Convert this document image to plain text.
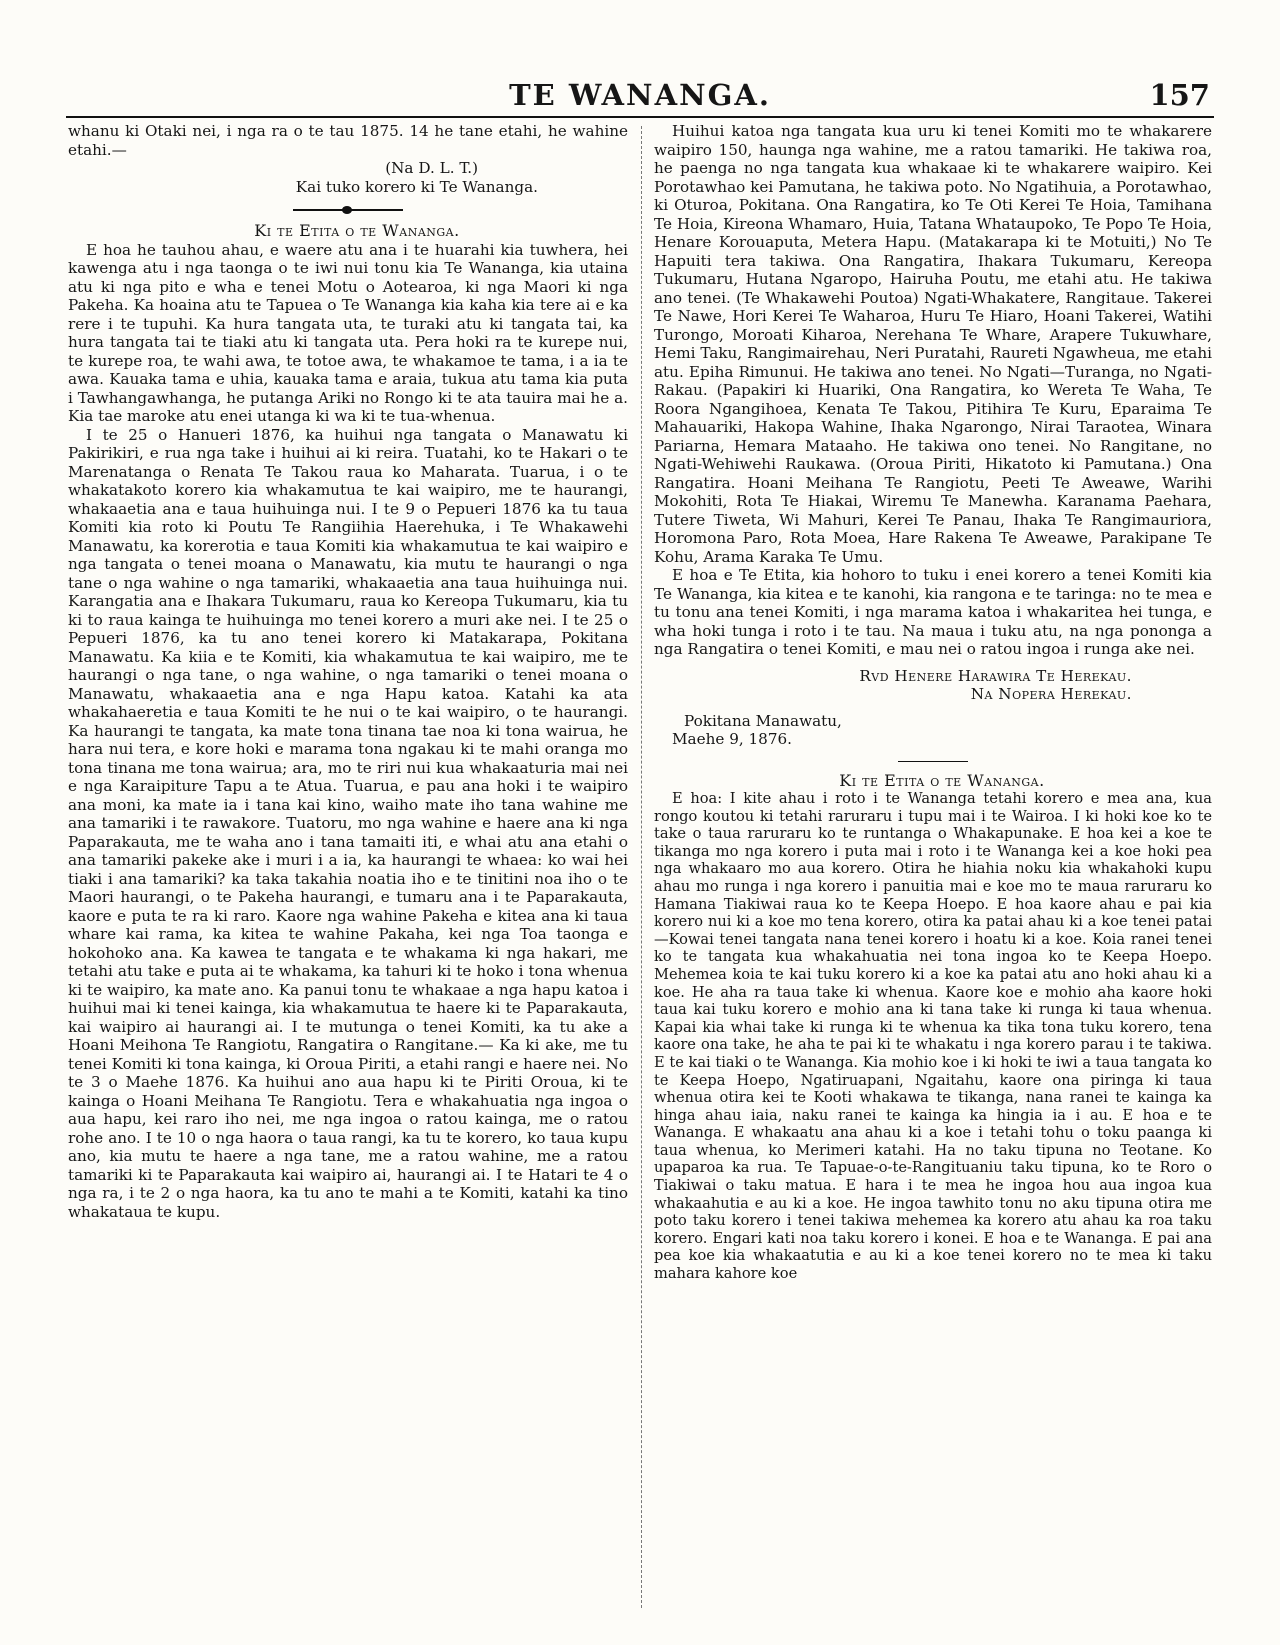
TE WANANGA.	157

whanu ki Otaki nei, i nga ra o te tau 1875. 14 he tane etahi, he wahine etahi.—

(Na D. L. T.)

Kai tuko korero ki Te Wananga.

Ki te Etita o te Wananga.

E hoa he tauhou ahau, e waere atu ana i te huarahi kia tuwhera, hei kawenga atu i nga taonga o te iwi nui tonu kia Te Wananga, kia utaina atu ki nga pito e wha e tenei Motu o Aotearoa, ki nga Maori ki nga Pakeha. Ka hoaina atu te Tapuea o Te Wananga kia kaha kia tere ai e ka rere i te tupuhi. Ka hura tangata uta, te turaki atu ki tangata tai, ka hura tangata tai te tiaki atu ki tangata uta. Pera hoki ra te kurepe nui, te kurepe roa, te wahi awa, te totoe awa, te whakamoe te tama, i a ia te awa. Kauaka tama e uhia, kauaka tama e araia, tukua atu tama kia puta i Tawhangawhanga, he putanga Ariki no Rongo ki te ata tauira mai he a. Kia tae maroke atu enei utanga ki wa ki te tua-whenua.

I te 25 o Hanueri 1876, ka huihui nga tangata o Manawatu ki Pakirikiri, e rua nga take i huihui ai ki reira. Tuatahi, ko te Hakari o te Marenatanga o Renata Te Takou raua ko Maharata. Tuarua, i o te whakatakoto korero kia whakamutua te kai waipiro, me te haurangi, whakaaetia ana e taua huihuinga nui. I te 9 o Pepueri 1876 ka tu taua Komiti kia roto ki Poutu Te Rangiihia Haerehuka, i Te Whakawehi Manawatu, ka korerotia e taua Komiti kia whakamutua te kai waipiro e nga tangata o tenei moana o Manawatu, kia mutu te haurangi o nga tane o nga wahine o nga tamariki, whakaaetia ana taua huihuinga nui. Karangatia ana e Ihakara Tukumaru, raua ko Kereopa Tukumaru, kia tu ki to raua kainga te huihuinga mo tenei korero a muri ake nei. I te 25 o Pepueri 1876, ka tu ano tenei korero ki Matakarapa, Pokitana Manawatu. Ka kiia e te Komiti, kia whakamutua te kai waipiro, me te haurangi o nga tane, o nga wahine, o nga tamariki o tenei moana o Manawatu, whakaaetia ana e nga Hapu katoa. Katahi ka ata whakahaeretia e taua Komiti te he nui o te kai waipiro, o te haurangi. Ka haurangi te tangata, ka mate tona tinana tae noa ki tona wairua, he hara nui tera, e kore hoki e marama tona ngakau ki te mahi oranga mo tona tinana me tona wairua; ara, mo te riri nui kua whakaaturia mai nei e nga Karaipiture Tapu a te Atua. Tuarua, e pau ana hoki i te waipiro ana moni, ka mate ia i tana kai kino, waiho mate iho tana wahine me ana tamariki i te rawakore. Tuatoru, mo nga wahine e haere ana ki nga Paparakauta, me te waha ano i tana tamaiti iti, e whai atu ana etahi o ana tamariki pakeke ake i muri i a ia, ka haurangi te whaea: ko wai hei tiaki i ana tamariki? ka taka takahia noatia iho e te tinitini noa iho o te Maori haurangi, o te Pakeha haurangi, e tumaru ana i te Paparakauta, kaore e puta te ra ki raro. Kaore nga wahine Pakeha e kitea ana ki taua whare kai rama, ka kitea te wahine Pakaha, kei nga Toa taonga e hokohoko ana. Ka kawea te tangata e te whakama ki nga hakari, me tetahi atu take e puta ai te whakama, ka tahuri ki te hoko i tona whenua ki te waipiro, ka mate ano. Ka panui tonu te whakaae a nga hapu katoa i huihui mai ki tenei kainga, kia whakamutua te haere ki te Paparakauta, kai waipiro ai haurangi ai. I te mutunga o tenei Komiti, ka tu ake a Hoani Meihona Te Rangiotu, Rangatira o Rangitane.— Ka ki ake, me tu tenei Komiti ki tona kainga, ki Oroua Piriti, a etahi rangi e haere nei. No te 3 o Maehe 1876. Ka huihui ano aua hapu ki te Piriti Oroua, ki te kainga o Hoani Meihana Te Rangiotu. Tera e whakahuatia nga ingoa o aua hapu, kei raro iho nei, me nga ingoa o ratou kainga, me o ratou rohe ano. I te 10 o nga haora o taua rangi, ka tu te korero, ko taua kupu ano, kia mutu te haere a nga tane, me a ratou wahine, me a ratou tamariki ki te Paparakauta kai waipiro ai, haurangi ai. I te Hatari te 4 o nga ra, i te 2 o nga haora, ka tu ano te mahi a te Komiti, katahi ka tino whakataua te kupu.

Huihui katoa nga tangata kua uru ki tenei Komiti mo te whakarere waipiro 150, haunga nga wahine, me a ratou tamariki. He takiwa roa, he paenga no nga tangata kua whakaae ki te whakarere waipiro. Kei Porotawhao kei Pamutana, he takiwa poto. No Ngatihuia, a Porotawhao, ki Oturoa, Pokitana. Ona Rangatira, ko Te Oti Kerei Te Hoia, Tamihana Te Hoia, Kireona Whamaro, Huia, Tatana Whataupoko, Te Popo Te Hoia, Henare Korouaputa, Metera Hapu. (Matakarapa ki te Motuiti,) No Te Hapuiti tera takiwa. Ona Rangatira, Ihakara Tukumaru, Kereopa Tukumaru, Hutana Ngaropo, Hairuha Poutu, me etahi atu. He takiwa ano tenei. (Te Whakawehi Poutoa) Ngati-Whakatere, Rangitaue. Takerei Te Nawe, Hori Kerei Te Waharoa, Huru Te Hiaro, Hoani Takerei, Watihi Turongo, Moroati Kiharoa, Nerehana Te Whare, Arapere Tukuwhare, Hemi Taku, Rangimairehau, Neri Puratahi, Raureti Ngawheua, me etahi atu. Epiha Rimunui. He takiwa ano tenei. No Ngati—Turanga, no Ngati-Rakau. (Papakiri ki Huariki, Ona Rangatira, ko Wereta Te Waha, Te Roora Ngangihoea, Kenata Te Takou, Pitihira Te Kuru, Eparaima Te Mahauariki, Hakopa Wahine, Ihaka Ngarongo, Nirai Taraotea, Winara Pariarna, Hemara Mataaho. He takiwa ono tenei. No Rangitane, no Ngati-Wehiwehi Raukawa. (Oroua Piriti, Hikatoto ki Pamutana.) Ona Rangatira. Hoani Meihana Te Rangiotu, Peeti Te Aweawe, Warihi Mokohiti, Rota Te Hiakai, Wiremu Te Manewha. Karanama Paehara, Tutere Tiweta, Wi Mahuri, Kerei Te Panau, Ihaka Te Rangimauriora, Horomona Paro, Rota Moea, Hare Rakena Te Aweawe, Parakipane Te Kohu, Arama Karaka Te Umu.

E hoa e Te Etita, kia hohoro to tuku i enei korero a tenei Komiti kia Te Wananga, kia kitea e te kanohi, kia rangona e te taringa: no te mea e tu tonu ana tenei Komiti, i nga marama katoa i whakaritea hei tunga, e wha hoki tunga i roto i te tau. Na maua i tuku atu, na nga pononga a nga Rangatira o tenei Komiti, e mau nei o ratou ingoa i runga ake nei.

Rvd Henere Harawira Te Herekau.
Na Nopera Herekau.
Pokitana Manawatu,
Maehe 9, 1876.

Ki te Etita o te Wananga.

E hoa: I kite ahau i roto i te Wananga tetahi korero e mea ana, kua rongo koutou ki tetahi raruraru i tupu mai i te Wairoa. I ki hoki koe ko te take o taua raruraru ko te runtanga o Whakapunake. E hoa kei a koe te tikanga mo nga korero i puta mai i roto i te Wananga kei a koe hoki pea nga whakaaro mo aua korero. Otira he hiahia noku kia whakahoki kupu ahau mo runga i nga korero i panuitia mai e koe mo te maua raruraru ko Hamana Tiakiwai raua ko te Keepa Hoepo. E hoa kaore ahau e pai kia korero nui ki a koe mo tena korero, otira ka patai ahau ki a koe tenei patai—Kowai tenei tangata nana tenei korero i hoatu ki a koe. Koia ranei tenei ko te tangata kua whakahuatia nei tona ingoa ko te Keepa Hoepo. Mehemea koia te kai tuku korero ki a koe ka patai atu ano hoki ahau ki a koe. He aha ra taua take ki whenua. Kaore koe e mohio aha kaore hoki taua kai tuku korero e mohio ana ki tana take ki runga ki taua whenua. Kapai kia whai take ki runga ki te whenua ka tika tona tuku korero, tena kaore ona take, he aha te pai ki te whakatu i nga korero parau i te takiwa. E te kai tiaki o te Wananga. Kia mohio koe i ki hoki te iwi a taua tangata ko te Keepa Hoepo, Ngatiruapani, Ngaitahu, kaore ona piringa ki taua whenua otira kei te Kooti whakawa te tikanga, nana ranei te kainga ka hinga ahau iaia, naku ranei te kainga ka hingia ia i au. E hoa e te Wananga. E whakaatu ana ahau ki a koe i tetahi tohu o toku paanga ki taua whenua, ko Merimeri katahi. Ha no taku tipuna no Teotane. Ko upaparoa ka rua. Te Tapuae-o-te-Rangituaniu taku tipuna, ko te Roro o Tiakiwai o taku matua. E hara i te mea he ingoa hou aua ingoa kua whakaahutia e au ki a koe. He ingoa tawhito tonu no aku tipuna otira me poto taku korero i tenei takiwa mehemea ka korero atu ahau ka roa taku korero. Engari kati noa taku korero i konei. E hoa e te Wananga. E pai ana pea koe kia whakaatutia e au ki a koe tenei korero no te mea ki taku mahara kahore koe
